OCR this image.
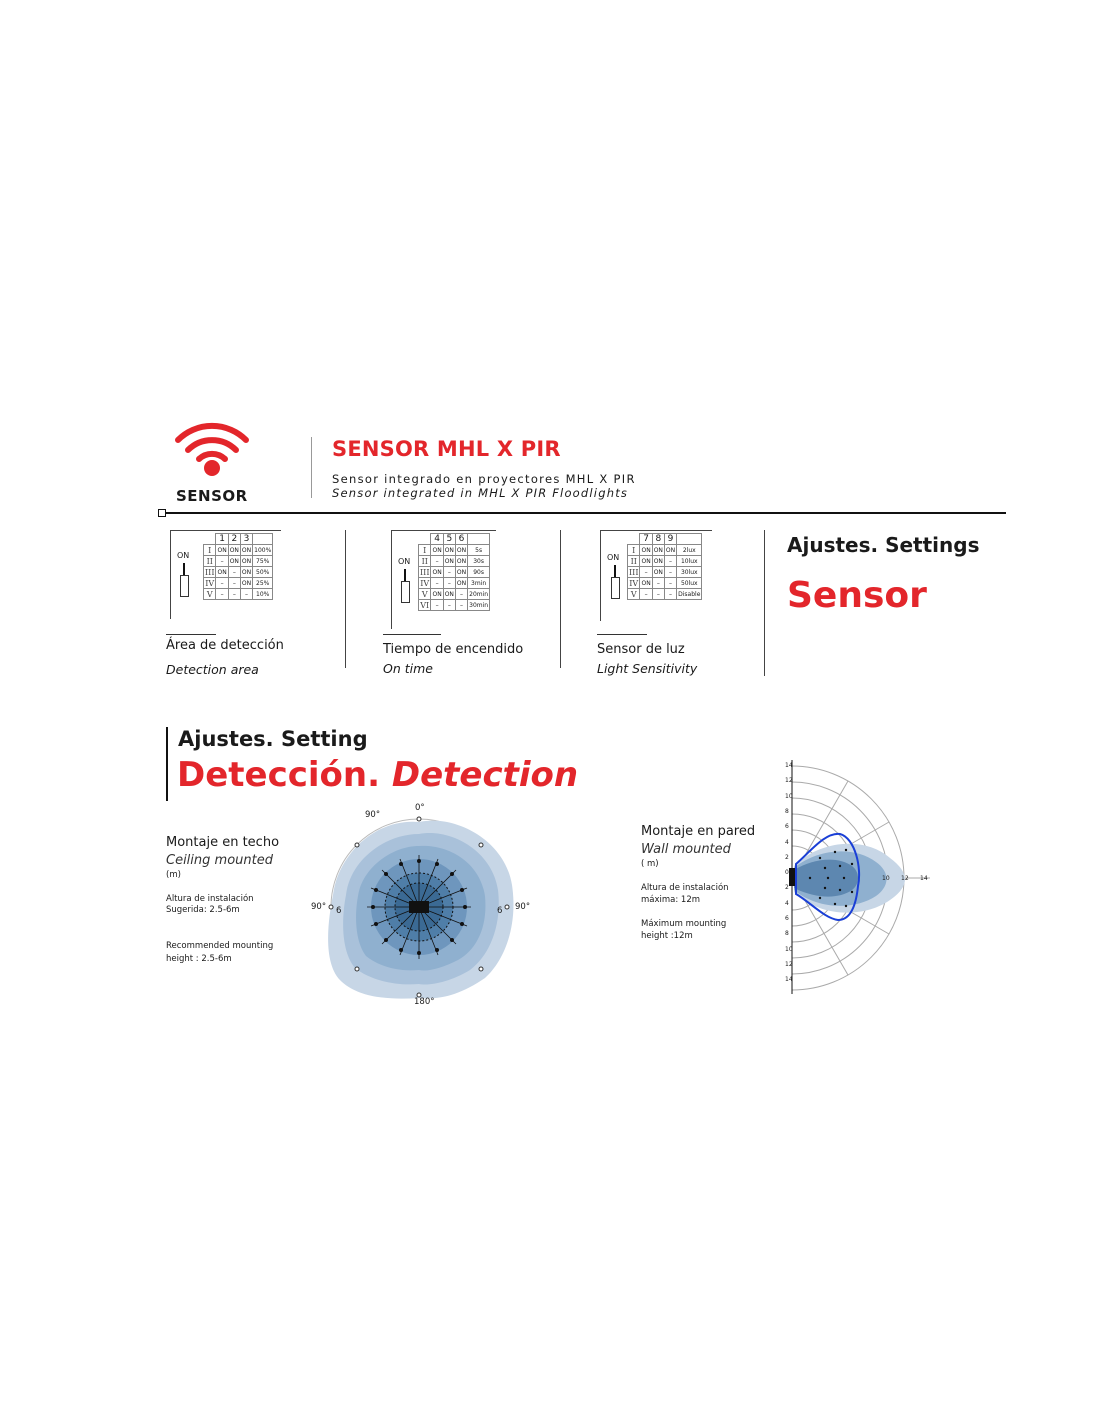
SENSOR
SENSOR MHL X PIR
Sensor integrado en proyectores MHL X PIR
Sensor integrated in MHL X PIR Floodlights
ON
	1	2	3	
I	ON	ON	ON	100%
II	–	ON	ON	75%
III	ON	–	ON	50%
IV	–	–	ON	25%
V	–	–	–	10%
Área de detección
Detection area
ON
	4	5	6	
I	ON	ON	ON	5s
II	–	ON	ON	30s
III	ON	–	ON	90s
IV	–	–	ON	3min
V	ON	ON	–	20min
VI	–	–	–	30min
Tiempo de encendido
On time
ON
	7	8	9	
I	ON	ON	ON	2lux
II	ON	ON	–	10lux
III	–	ON	–	30lux
IV	ON	–	–	50lux
V	–	–	–	Disable
Sensor de luz
Light Sensitivity
Ajustes. Settings
Sensor
Ajustes. Setting
Detección. Detection
Montaje en techo
Ceiling mounted
(m)
Altura de instalación
Sugerida: 2.5-6m
Recommended mounting
height : 2.5-6m
0°
90°
90°	90°
180°
6	6
Montaje en pared
Wall mounted
( m)
Altura de instalación
máxima: 12m
Máximum mounting
height :12m
14
12
10
8
6
4
2
0
2
4
6
8
10
12
14
10 12 14
